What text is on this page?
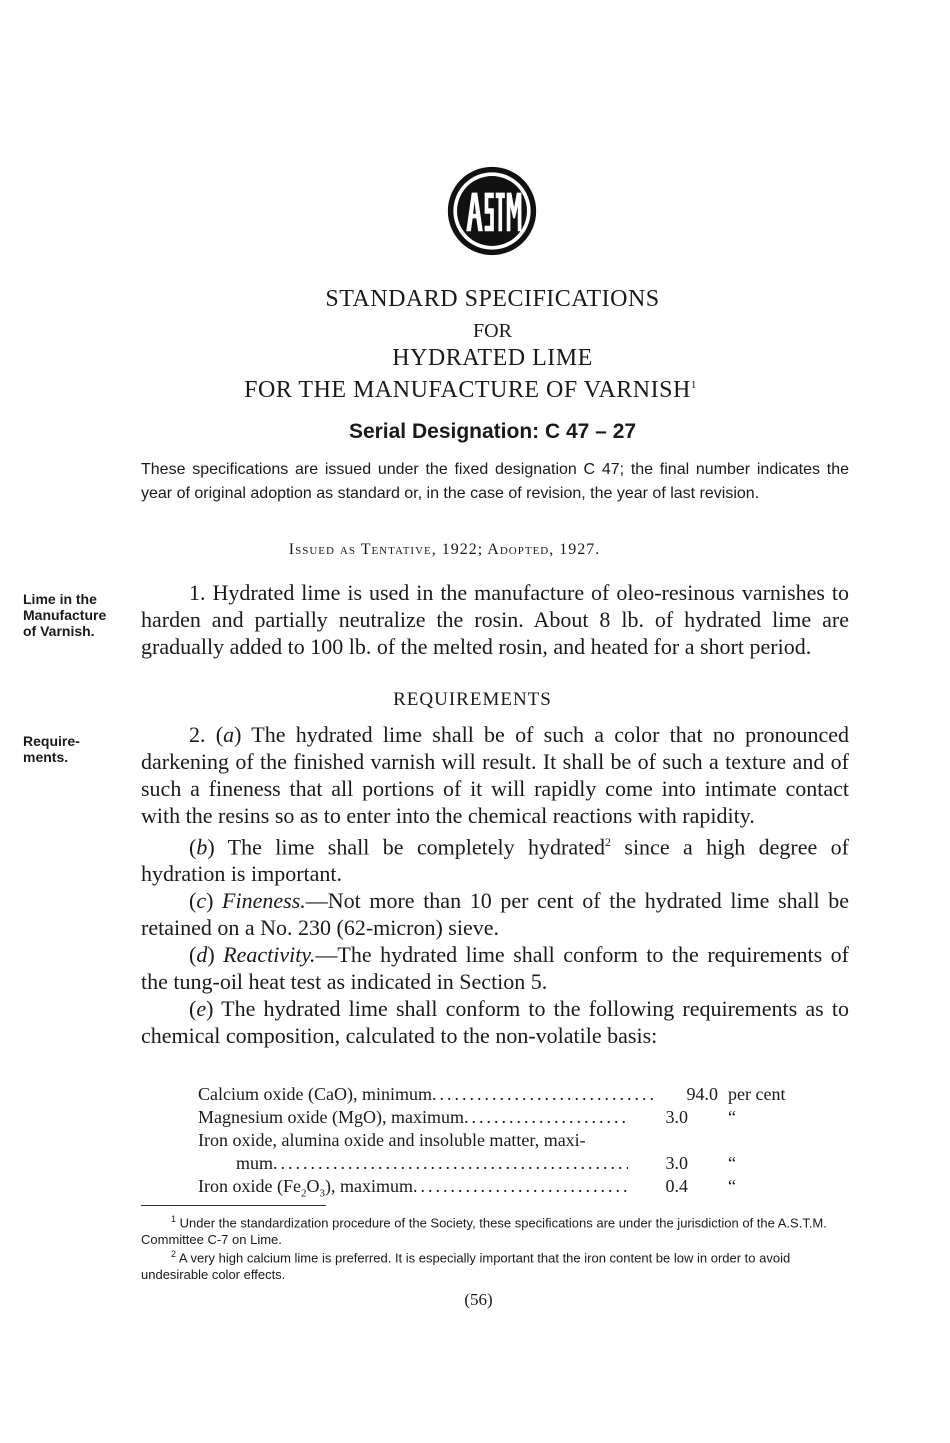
STANDARD SPECIFICATIONS
FOR
HYDRATED LIME
FOR THE MANUFACTURE OF VARNISH$^1$
Serial Designation: C 47 – 27
These specifications are issued under the fixed designation C 47; the final number indicates the year of original adoption as standard or, in the case of revision, the year of last revision.
Issued as Tentative, 1922; Adopted, 1927.
Lime in the
Manufacture
of Varnish.
Require-
ments.

1. Hydrated lime is used in the manufacture of oleo-resinous varnishes to harden and partially neutralize the rosin. About 8 lb. of hydrated lime are gradually added to 100 lb. of the melted rosin, and heated for a short period.

REQUIREMENTS

2. (a) The hydrated lime shall be of such a color that no pronounced darkening of the finished varnish will result. It shall be of such a texture and of such a fineness that all portions of it will rapidly come into intimate contact with the resins so as to enter into the chemical reactions with rapidity.

(b) The lime shall be completely hydrated$^2$ since a high degree of hydration is important.

(c) Fineness.—Not more than 10 per cent of the hydrated lime shall be retained on a No. 230 (62-micron) sieve.

(d) Reactivity.—The hydrated lime shall conform to the requirements of the tung-oil heat test as indicated in Section 5.

(e) The hydrated lime shall conform to the following requirements as to chemical composition, calculated to the non-volatile basis:

Calcium oxide (CaO), minimum .....	94.0 per cent
Magnesium oxide (MgO), maximum .....	3.0	“
Iron oxide, alumina oxide and insoluble matter, maxi-
mum .....	3.0	“
Iron oxide $(Fe_2O_3)$, maximum .....	0.4	“
$^1$ Under the standardization procedure of the Society, these specifications are under the jurisdiction of the A.S.T.M. Committee C-7 on Lime.
$^2$ A very high calcium lime is preferred. It is especially important that the iron content be low in order to avoid undesirable color effects.
(56)
